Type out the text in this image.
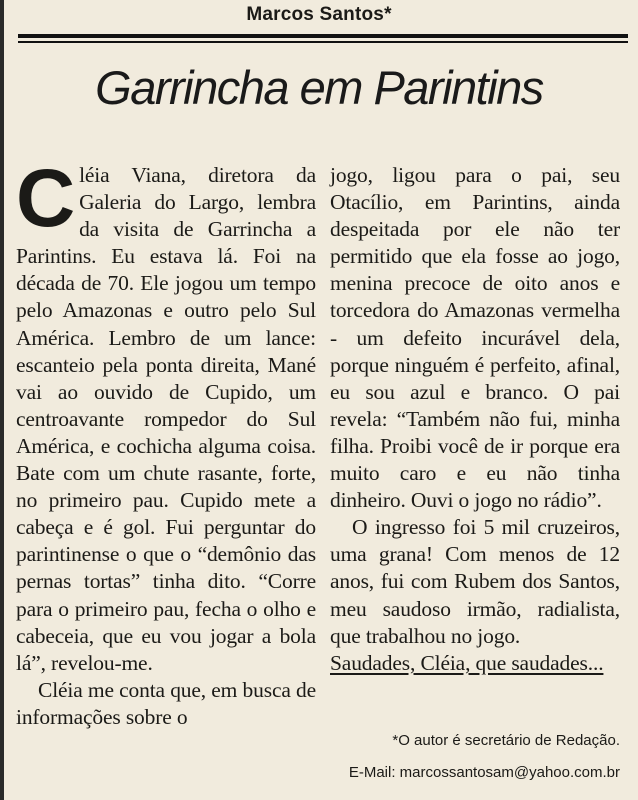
Marcos Santos*
Garrincha em Parintins

Cléia Viana, diretora da Galeria do Largo, lembra da visita de Garrincha a Parintins. Eu estava lá. Foi na década de 70. Ele jogou um tempo pelo Amazonas e outro pelo Sul América. Lembro de um lance: escanteio pela ponta direita, Mané vai ao ouvido de Cupido, um centroavante rompedor do Sul América, e cochicha alguma coisa. Bate com um chute rasante, forte, no primeiro pau. Cupido mete a cabeça e é gol. Fui perguntar do parintinense o que o “demônio das pernas tortas” tinha dito. “Corre para o primeiro pau, fecha o olho e cabeceia, que eu vou jogar a bola lá”, revelou-me.

Cléia me conta que, em busca de informações sobre o

jogo, ligou para o pai, seu Otacílio, em Parintins, ainda despeitada por ele não ter permitido que ela fosse ao jogo, menina precoce de oito anos e torcedora do Amazonas vermelha - um defeito incurável dela, porque ninguém é perfeito, afinal, eu sou azul e branco. O pai revela: “Também não fui, minha filha. Proibi você de ir porque era muito caro e eu não tinha dinheiro. Ouvi o jogo no rádio”.

O ingresso foi 5 mil cruzeiros, uma grana! Com menos de 12 anos, fui com Rubem dos Santos, meu saudoso irmão, radialista, que trabalhou no jogo.

Saudades, Cléia, que saudades...

*O autor é secretário de Redação.
E-Mail: marcossantosam@yahoo.com.br
